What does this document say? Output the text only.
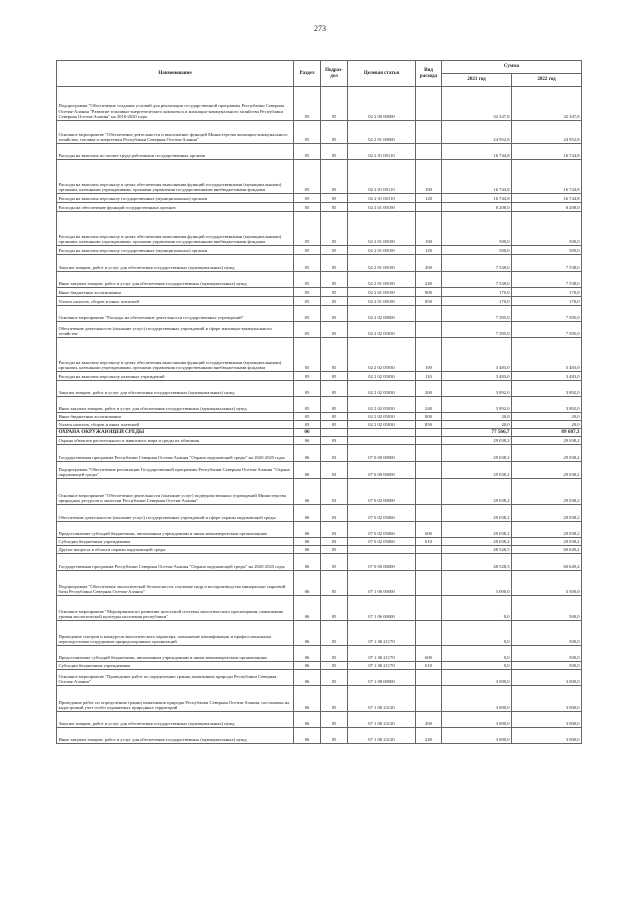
273
Наименование	Раздел	Подраз-дел	Целевая статья	Вид расхода	Сумма	
					2021 год	2022 год
Подпрограмма "Обеспечение создания условий для реализации государственной программы Республики Северная Осетия-Алания "Развитие топливно-энергетического комплекса и жилищно-коммунального хозяйства Республики Северная Осетия-Алания" на 2016-2020 годы	05	05	02 2 00 00000		32 347,8	32 347,8
Основное мероприятие "Обеспечение деятельности и выполнение функций Министерства жилищно-коммунального хозяйства, топлива и энергетики Республики Северная Осетия-Алания"	05	05	02 2 01 00000		24 952,8	24 952,8
Расходы на выплаты по оплате труда работников государственных органов	05	05	02 2 01 00110		16 744,8	16 744,8
Расходы на выплаты персоналу в целях обеспечения выполнения функций государственными (муниципальными) органами, казенными учреждениями, органами управления государственными внебюджетными фондами	05	05	02 2 01 00110	100	16 744,8	16 744,8
Расходы на выплаты персоналу государственных (муниципальных) органов	05	05	02 2 01 00110	120	16 744,8	16 744,8
Расходы на обеспечение функций государственных органов	05	05	02 2 01 00190		8 208,0	8 208,0
Расходы на выплаты персоналу в целях обеспечения выполнения функций государственными (муниципальными) органами, казенными учреждениями, органами управления государственными внебюджетными фондами	05	05	02 2 01 00190	100	500,0	500,0
Расходы на выплаты персоналу государственных (муниципальных) органов	05	05	02 2 01 00190	120	500,0	500,0
Закупка товаров, работ и услуг для обеспечения государственных (муниципальных) нужд	05	05	02 2 01 00190	200	7 538,0	7 538,0
Иные закупки товаров, работ и услуг для обеспечения государственных (муниципальных) нужд	05	05	02 2 01 00190	240	7 538,0	7 538,0
Иные бюджетные ассигнования	05	05	02 2 01 00190	800	170,0	170,0
Уплата налогов, сборов и иных платежей	05	05	02 2 01 00190	850	170,0	170,0
Основное мероприятие "Расходы на обеспечение деятельности государственных учреждений"	05	05	02 2 02 00000		7 395,0	7 395,0
Обеспечение деятельности (оказание услуг) государственных учреждений в сфере жилищно-коммунального хозяйства	05	05	02 2 02 05030		7 395,0	7 395,0
Расходы на выплаты персоналу в целях обеспечения выполнения функций государственными (муниципальными) органами, казенными учреждениями, органами управления государственными внебюджетными фондами	05	05	02 2 02 05030	100	3 483,0	3 483,0
Расходы на выплаты персоналу казенных учреждений	05	05	02 2 02 05030	110	3 483,0	3 483,0
Закупка товаров, работ и услуг для обеспечения государственных (муниципальных) нужд	05	05	02 2 02 05030	200	3 892,0	3 892,0
Иные закупки товаров, работ и услуг для обеспечения государственных (муниципальных) нужд	05	05	02 2 02 05030	240	3 892,0	3 892,0
Иные бюджетные ассигнования	05	05	02 2 02 05030	800	20,0	20,0
Уплата налогов, сборов и иных платежей	05	05	02 2 02 05030	850	20,0	20,0
ОХРАНА ОКРУЖАЮЩЕЙ СРЕДЫ	06				77 566,7	89 687,3
Охрана объектов растительного и животного мира и среды их обитания	06	03			29 038,2	29 038,2
Государственная программа Республики Северная Осетия-Алания "Охрана окружающей среды" на 2020-2025 годы	06	03	07 0 00 00000		29 038,2	29 038,2
Подпрограмма "Обеспечение реализации Государственной программы Республики Северная Осетия-Алания "Охрана окружающей среды"	06	03	07 6 00 00000		29 038,2	29 038,2
Основное мероприятие "Обеспечение деятельности (оказание услуг) подведомственных учреждений Министерства природных ресурсов и экологии Республики Северная Осетия-Алания"	06	03	07 6 02 00000		29 038,2	29 038,2
Обеспечение деятельности (оказание услуг) государственных учреждений в сфере охраны окружающей среды	06	03	07 6 02 05060		29 038,2	29 038,2
Предоставление субсидий бюджетным, автономным учреждениям и иным некоммерческим организациям	06	03	07 6 02 05060	600	29 038,2	29 038,2
Субсидии бюджетным учреждениям	06	03	07 6 02 05060	610	29 038,2	29 038,2
Другие вопросы в области охраны окружающей среды	06	05			48 528,5	60 649,2
Государственная программа Республики Северная Осетия-Алания "Охрана окружающей среды" на 2020-2025 годы	06	05	07 0 00 00000		48 528,5	60 649,2
Подпрограмма "Обеспечение экологической безопасности, изучение недр и воспроизводства минерально-сырьевой базы Республики Северная Осетия-Алания"	06	05	07 1 00 00000		3 000,0	3 500,0
Основное мероприятие "Мероприятия по развитию целостной системы экологического просвещения, повышению уровня экологической культуры населения республики"	06	05	07 1 06 00000		0,0	500,0
Проведение смотров и конкурсов экологического характера, повышение квалификации и профессиональная переподготовка сотрудников природоохранных организаций	06	05	07 1 06 21170		0,0	500,0
Предоставление субсидий бюджетным, автономным учреждениям и иным некоммерческим организациям	06	05	07 1 06 21170	600	0,0	500,0
Субсидии бюджетным учреждениям	06	05	07 1 06 21170	610	0,0	500,0
Основное мероприятие "Проведение работ по определению границ памятников природы Республики Северная Осетия-Алания"	06	05	07 1 08 00000		3 000,0	3 000,0
Проведение работ по определению границ памятников природы Республики Северная Осетия-Алания, постановка на кадастровый учет особо охраняемых природных территорий	06	05	07 1 08 23120		3 000,0	3 000,0
Закупка товаров, работ и услуг для обеспечения государственных (муниципальных) нужд	06	05	07 1 08 23120	200	3 000,0	3 000,0
Иные закупки товаров, работ и услуг для обеспечения государственных (муниципальных) нужд	06	05	07 1 08 23120	240	3 000,0	3 000,0
